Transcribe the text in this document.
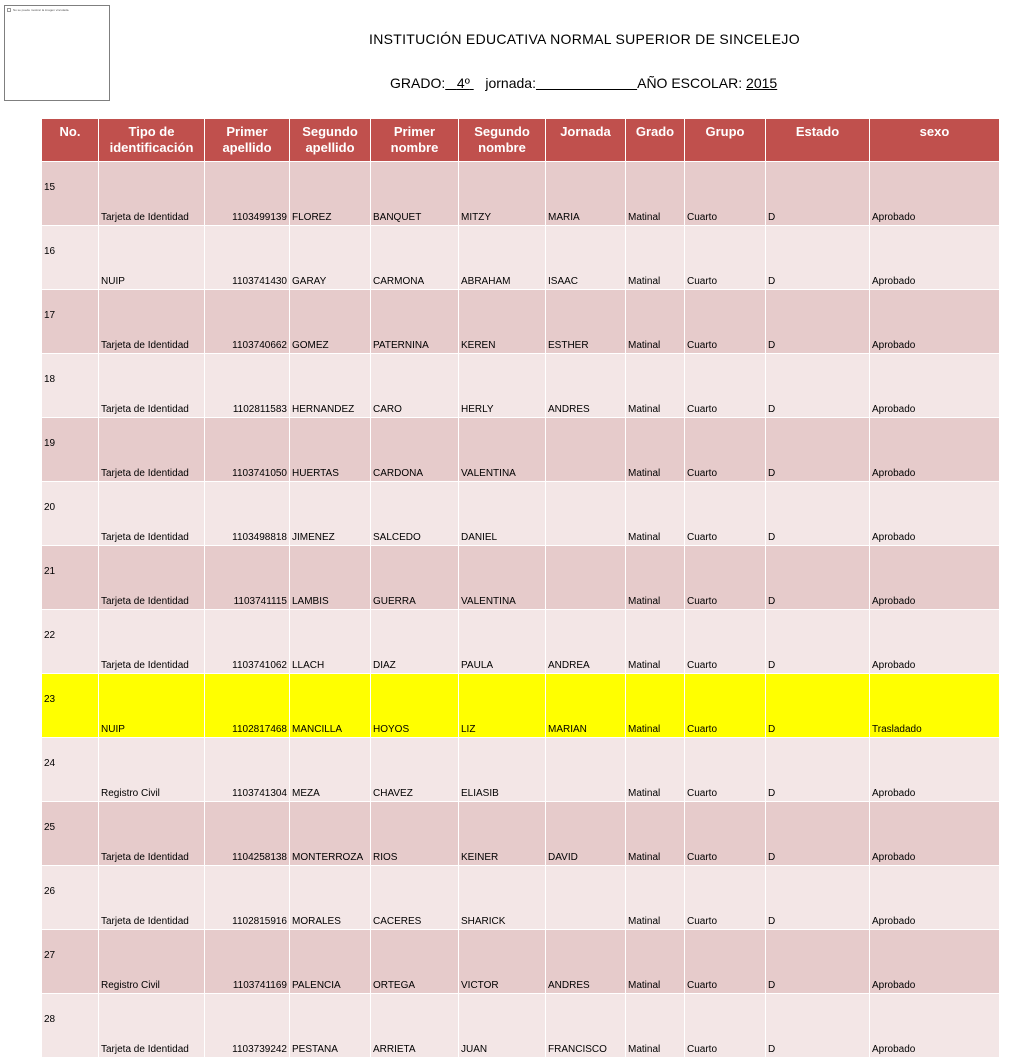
No se puede mostrar la imagen vinculada.
INSTITUCIÓN EDUCATIVA NORMAL SUPERIOR DE SINCELEJO
GRADO: 4º jornada:	AÑO ESCOLAR: 2015
No.	Tipo de identificación	Primer apellido	Segundo apellido	Primer nombre	Segundo nombre	Jornada	Grado	Grupo	Estado	sexo
15	Tarjeta de Identidad	1103499139	FLOREZ	BANQUET	MITZY	MARIA	Matinal	Cuarto	D	Aprobado
16	NUIP	1103741430	GARAY	CARMONA	ABRAHAM	ISAAC	Matinal	Cuarto	D	Aprobado
17	Tarjeta de Identidad	1103740662	GOMEZ	PATERNINA	KEREN	ESTHER	Matinal	Cuarto	D	Aprobado
18	Tarjeta de Identidad	1102811583	HERNANDEZ	CARO	HERLY	ANDRES	Matinal	Cuarto	D	Aprobado
19	Tarjeta de Identidad	1103741050	HUERTAS	CARDONA	VALENTINA		Matinal	Cuarto	D	Aprobado
20	Tarjeta de Identidad	1103498818	JIMENEZ	SALCEDO	DANIEL		Matinal	Cuarto	D	Aprobado
21	Tarjeta de Identidad	1103741115	LAMBIS	GUERRA	VALENTINA		Matinal	Cuarto	D	Aprobado
22	Tarjeta de Identidad	1103741062	LLACH	DIAZ	PAULA	ANDREA	Matinal	Cuarto	D	Aprobado
23	NUIP	1102817468	MANCILLA	HOYOS	LIZ	MARIAN	Matinal	Cuarto	D	Trasladado
24	Registro Civil	1103741304	MEZA	CHAVEZ	ELIASIB		Matinal	Cuarto	D	Aprobado
25	Tarjeta de Identidad	1104258138	MONTERROZA	RIOS	KEINER	DAVID	Matinal	Cuarto	D	Aprobado
26	Tarjeta de Identidad	1102815916	MORALES	CACERES	SHARICK		Matinal	Cuarto	D	Aprobado
27	Registro Civil	1103741169	PALENCIA	ORTEGA	VICTOR	ANDRES	Matinal	Cuarto	D	Aprobado
28	Tarjeta de Identidad	1103739242	PESTANA	ARRIETA	JUAN	FRANCISCO	Matinal	Cuarto	D	Aprobado
